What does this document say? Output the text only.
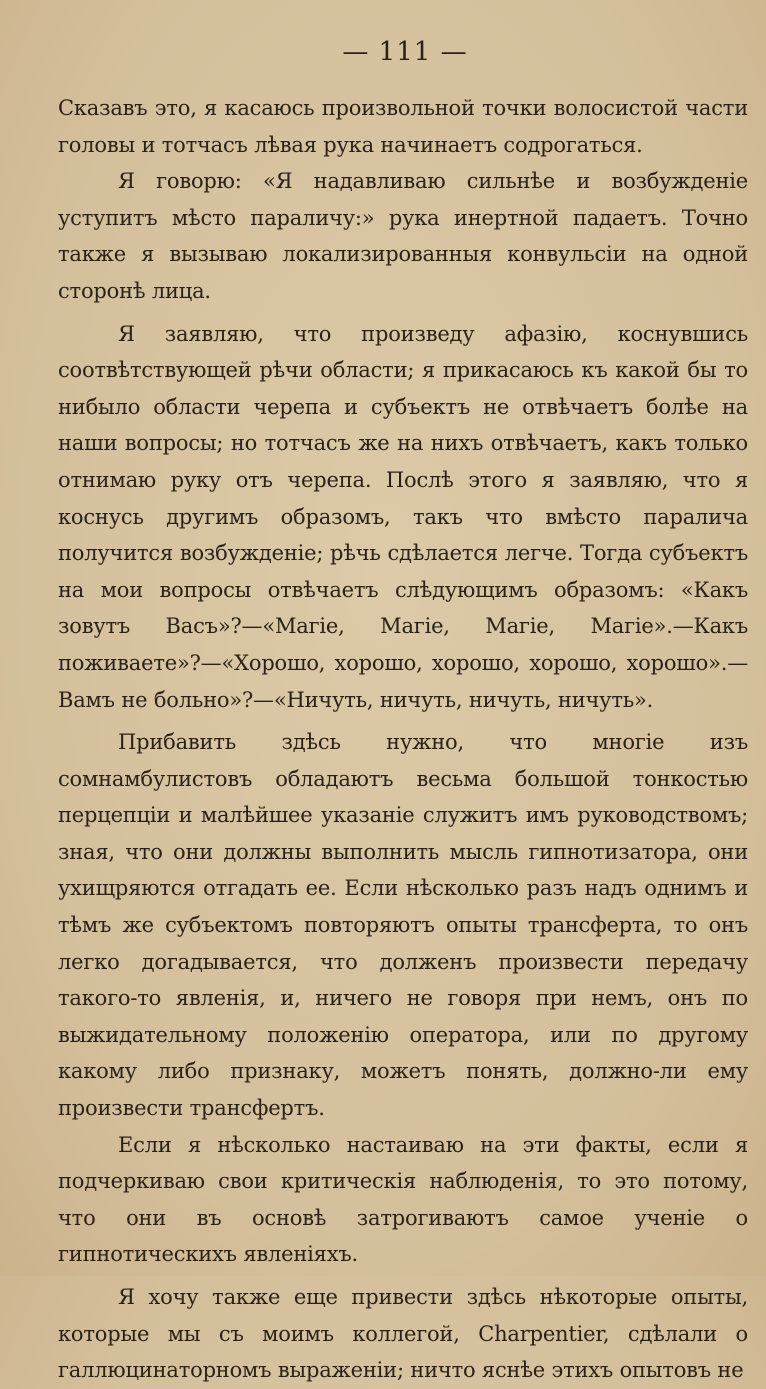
— 111 —

Сказавъ это, я касаюсь произвольной точки волосистой части головы и тотчасъ лѣвая рука начинаетъ содрогаться.

Я говорю: «Я надавливаю сильнѣе и возбужденіе уступитъ мѣсто параличу:» рука инертной падаетъ. Точно также я вызываю локализированныя конвульсіи на одной сторонѣ лица.

Я заявляю, что произведу афазію, коснувшись соотвѣтствующей рѣчи области; я прикасаюсь къ какой бы то нибыло области черепа и субъектъ не отвѣчаетъ болѣе на наши вопросы; но тотчасъ же на нихъ отвѣчаетъ, какъ только отнимаю руку отъ черепа. Послѣ этого я заявляю, что я коснусь другимъ образомъ, такъ что вмѣсто паралича получится возбужденіе; рѣчь сдѣлается легче. Тогда субъектъ на мои вопросы отвѣчаетъ слѣдующимъ образомъ: «Какъ зовутъ Васъ»?—«Магіе, Магіе, Магіе, Магіе».—Какъ поживаете»?—«Хорошо, хорошо, хорошо, хорошо, хорошо».—Вамъ не больно»?—«Ничуть, ничуть, ничуть, ничуть».

Прибавить здѣсь нужно, что многіе изъ сомнамбулистовъ обладаютъ весьма большой тонкостью перцепціи и малѣйшее указаніе служитъ имъ руководствомъ; зная, что они должны выполнить мысль гипнотизатора, они ухищряются отгадать ее. Если нѣсколько разъ надъ однимъ и тѣмъ же субъектомъ повторяютъ опыты трансферта, то онъ легко догадывается, что долженъ произвести передачу такого-то явленія, и, ничего не говоря при немъ, онъ по выжидательному положенію оператора, или по другому какому либо признаку, можетъ понять, должно-ли ему произвести трансфертъ.

Если я нѣсколько настаиваю на эти факты, если я подчеркиваю свои критическія наблюденія, то это потому, что они въ основѣ затрогиваютъ самое ученіе о гипнотическихъ явленіяхъ.

Я хочу также еще привести здѣсь нѣкоторые опыты, которые мы съ моимъ коллегой, Charpentier, сдѣлали о галлюцинаторномъ выраженіи; ничто яснѣе этихъ опытовъ не
